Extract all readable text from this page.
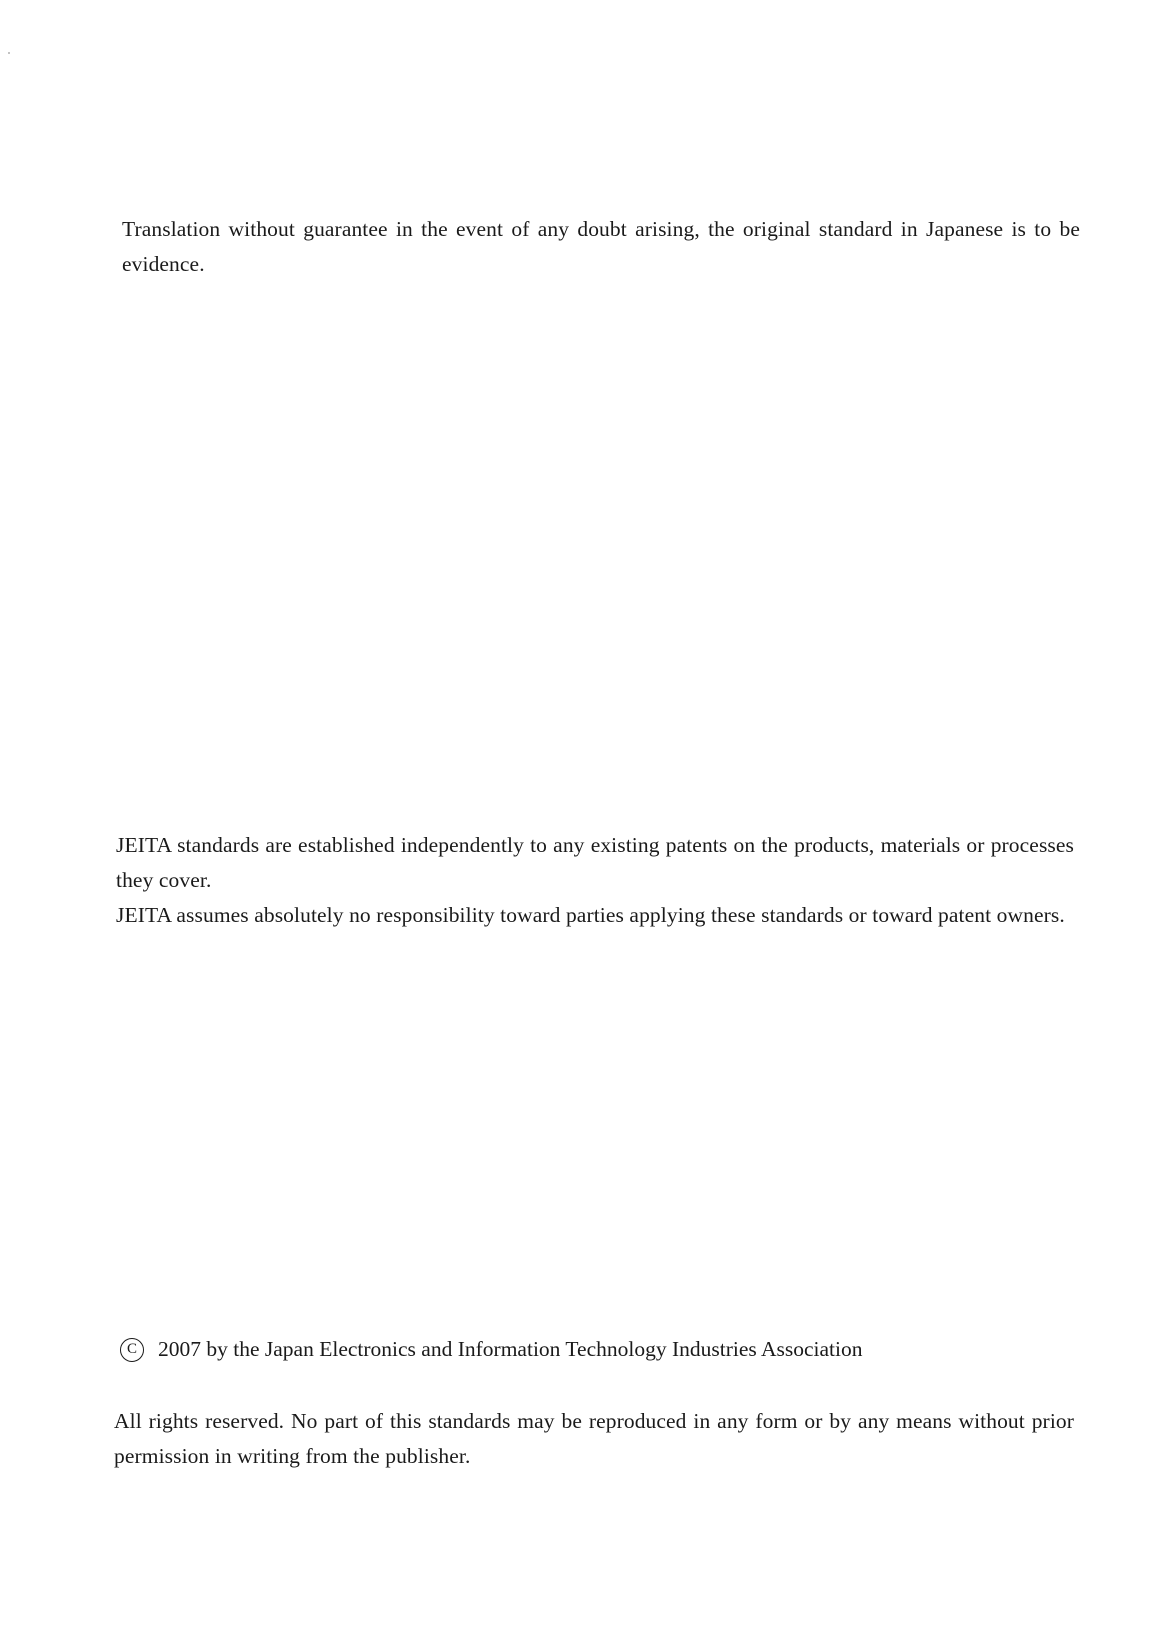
Translation without guarantee in the event of any doubt arising, the original standard in Japanese is to be evidence.

JEITA standards are established independently to any existing patents on the products, materials or processes they cover.

JEITA assumes absolutely no responsibility toward parties applying these standards or toward patent owners.

C 2007 by the Japan Electronics and Information Technology Industries Association

All rights reserved. No part of this standards may be reproduced in any form or by any means without prior permission in writing from the publisher.
